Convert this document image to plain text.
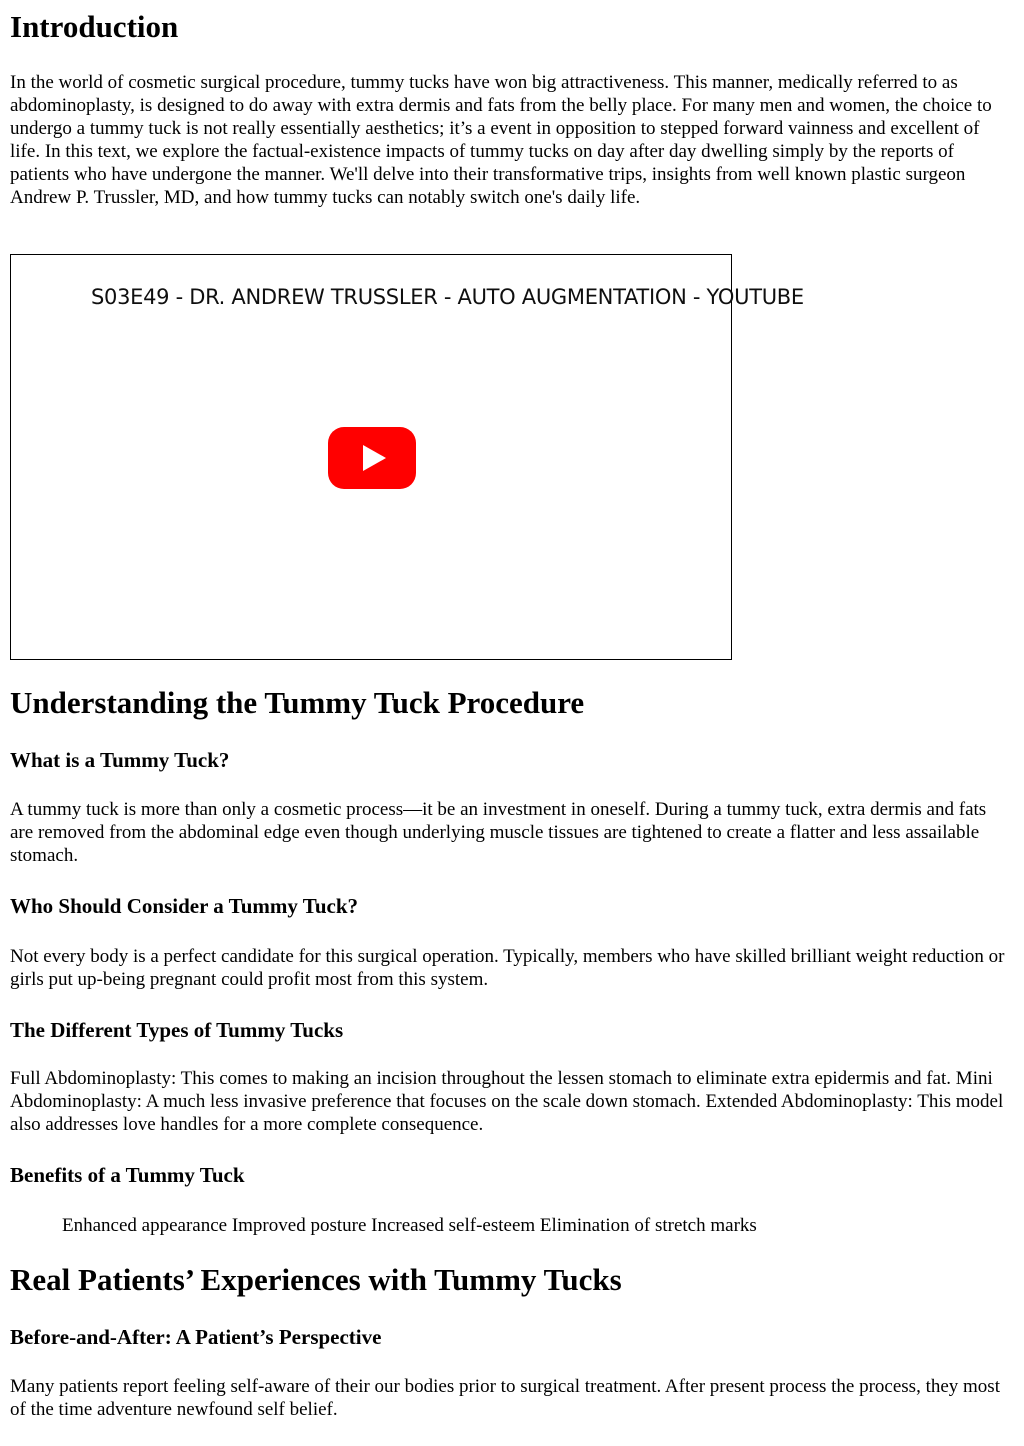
Introduction

In the world of cosmetic surgical procedure, tummy tucks have won big attractiveness. This manner, medically referred to as abdominoplasty, is designed to do away with extra dermis and fats from the belly place. For many men and women, the choice to undergo a tummy tuck is not really essentially aesthetics; it’s a event in opposition to stepped forward vainness and excellent of life. In this text, we explore the factual-existence impacts of tummy tucks on day after day dwelling simply by the reports of patients who have undergone the manner. We'll delve into their transformative trips, insights from well known plastic surgeon Andrew P. Trussler, MD, and how tummy tucks can notably switch one's daily life.

S03E49 - DR. ANDREW TRUSSLER - AUTO AUGMENTATION - YOUTUBE
Understanding the Tummy Tuck Procedure
What is a Tummy Tuck?

A tummy tuck is more than only a cosmetic process—it be an investment in oneself. During a tummy tuck, extra dermis and fats are removed from the abdominal edge even though underlying muscle tissues are tightened to create a flatter and less assailable stomach.

Who Should Consider a Tummy Tuck?

Not every body is a perfect candidate for this surgical operation. Typically, members who have skilled brilliant weight reduction or girls put up-being pregnant could profit most from this system.

The Different Types of Tummy Tucks

Full Abdominoplasty: This comes to making an incision throughout the lessen stomach to eliminate extra epidermis and fat. Mini Abdominoplasty: A much less invasive preference that focuses on the scale down stomach. Extended Abdominoplasty: This model also addresses love handles for a more complete consequence.

Benefits of a Tummy Tuck

Enhanced appearance Improved posture Increased self-esteem Elimination of stretch marks

Real Patients’ Experiences with Tummy Tucks
Before-and-After: A Patient’s Perspective

Many patients report feeling self-aware of their our bodies prior to surgical treatment. After present process the process, they most of the time adventure newfound self belief.
